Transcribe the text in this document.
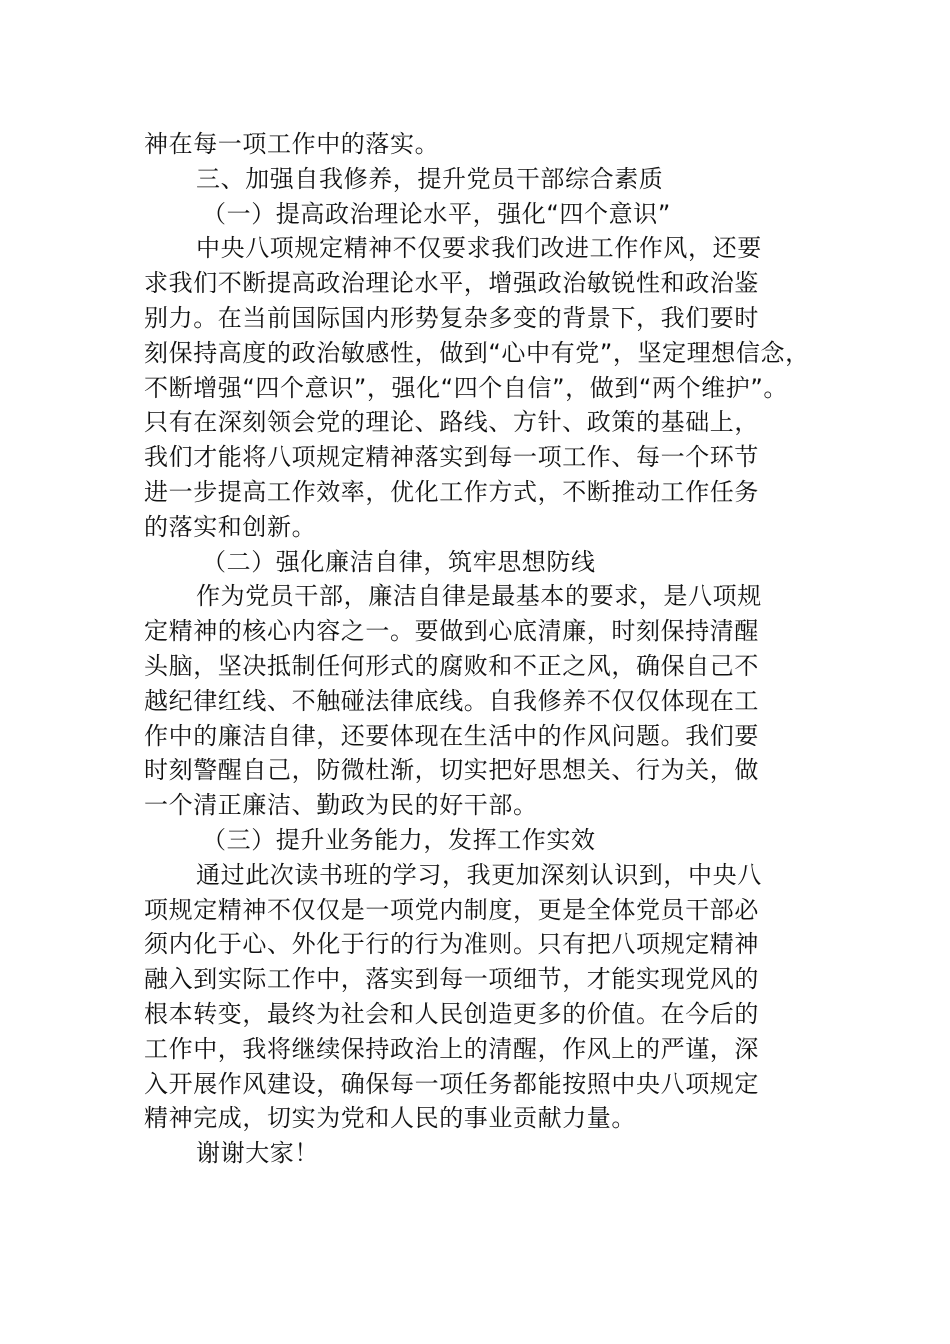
神在每一项工作中的落实。
三、加强自我修养，提升党员干部综合素质
（一）提高政治理论水平，强化“四个意识”
中央八项规定精神不仅要求我们改进工作作风，还要
求我们不断提高政治理论水平，增强政治敏锐性和政治鉴
别力。在当前国际国内形势复杂多变的背景下，我们要时
刻保持高度的政治敏感性，做到“心中有党”，坚定理想信念，
不断增强“四个意识”，强化“四个自信”，做到“两个维护”。
只有在深刻领会党的理论、路线、方针、政策的基础上，
我们才能将八项规定精神落实到每一项工作、每一个环节
进一步提高工作效率，优化工作方式，不断推动工作任务
的落实和创新。
（二）强化廉洁自律，筑牢思想防线
作为党员干部，廉洁自律是最基本的要求，是八项规
定精神的核心内容之一。要做到心底清廉，时刻保持清醒
头脑，坚决抵制任何形式的腐败和不正之风，确保自己不
越纪律红线、不触碰法律底线。自我修养不仅仅体现在工
作中的廉洁自律，还要体现在生活中的作风问题。我们要
时刻警醒自己，防微杜渐，切实把好思想关、行为关，做
一个清正廉洁、勤政为民的好干部。
（三）提升业务能力，发挥工作实效
通过此次读书班的学习，我更加深刻认识到，中央八
项规定精神不仅仅是一项党内制度，更是全体党员干部必
须内化于心、外化于行的行为准则。只有把八项规定精神
融入到实际工作中，落实到每一项细节，才能实现党风的
根本转变，最终为社会和人民创造更多的价值。在今后的
工作中，我将继续保持政治上的清醒，作风上的严谨，深
入开展作风建设，确保每一项任务都能按照中央八项规定
精神完成，切实为党和人民的事业贡献力量。
谢谢大家！
